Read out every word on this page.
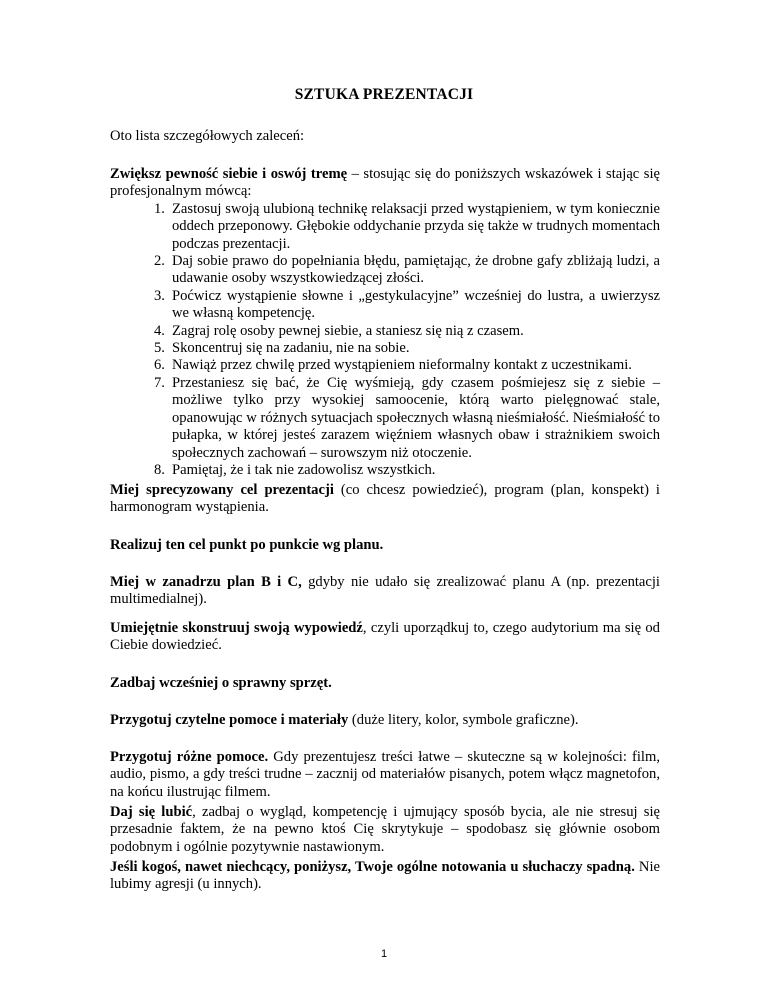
SZTUKA PREZENTACJI

Oto lista szczegółowych zaleceń:

Zwiększ pewność siebie i oswój tremę – stosując się do poniższych wskazówek i stając się profesjonalnym mówcą:

1. Zastosuj swoją ulubioną technikę relaksacji przed wystąpieniem, w tym koniecznie oddech przeponowy. Głębokie oddychanie przyda się także w trudnych momentach podczas prezentacji.
2. Daj sobie prawo do popełniania błędu, pamiętając, że drobne gafy zbliżają ludzi, a udawanie osoby wszystkowiedzącej złości.
3. Poćwicz wystąpienie słowne i „gestykulacyjne” wcześniej do lustra, a uwierzysz we własną kompetencję.
4. Zagraj rolę osoby pewnej siebie, a staniesz się nią z czasem.
5. Skoncentruj się na zadaniu, nie na sobie.
6. Nawiąż przez chwilę przed wystąpieniem nieformalny kontakt z uczestnikami.
7. Przestaniesz się bać, że Cię wyśmieją, gdy czasem pośmiejesz się z siebie – możliwe tylko przy wysokiej samoocenie, którą warto pielęgnować stale, opanowując w różnych sytuacjach społecznych własną nieśmiałość. Nieśmiałość to pułapka, w której jesteś zarazem więźniem własnych obaw i strażnikiem swoich społecznych zachowań – surowszym niż otoczenie.
8. Pamiętaj, że i tak nie zadowolisz wszystkich.

Miej sprecyzowany cel prezentacji (co chcesz powiedzieć), program (plan, konspekt) i harmonogram wystąpienia.

Realizuj ten cel punkt po punkcie wg planu.

Miej w zanadrzu plan B i C, gdyby nie udało się zrealizować planu A (np. prezentacji multimedialnej).

Umiejętnie skonstruuj swoją wypowiedź, czyli uporządkuj to, czego audytorium ma się od Ciebie dowiedzieć.

Zadbaj wcześniej o sprawny sprzęt.

Przygotuj czytelne pomoce i materiały (duże litery, kolor, symbole graficzne).

Przygotuj różne pomoce. Gdy prezentujesz treści łatwe – skuteczne są w kolejności: film, audio, pismo, a gdy treści trudne – zacznij od materiałów pisanych, potem włącz magnetofon, na końcu ilustrując filmem.

Daj się lubić, zadbaj o wygląd, kompetencję i ujmujący sposób bycia, ale nie stresuj się przesadnie faktem, że na pewno ktoś Cię skrytykuje – spodobasz się głównie osobom podobnym i ogólnie pozytywnie nastawionym.

Jeśli kogoś, nawet niechcący, poniżysz, Twoje ogólne notowania u słuchaczy spadną. Nie lubimy agresji (u innych).

1
